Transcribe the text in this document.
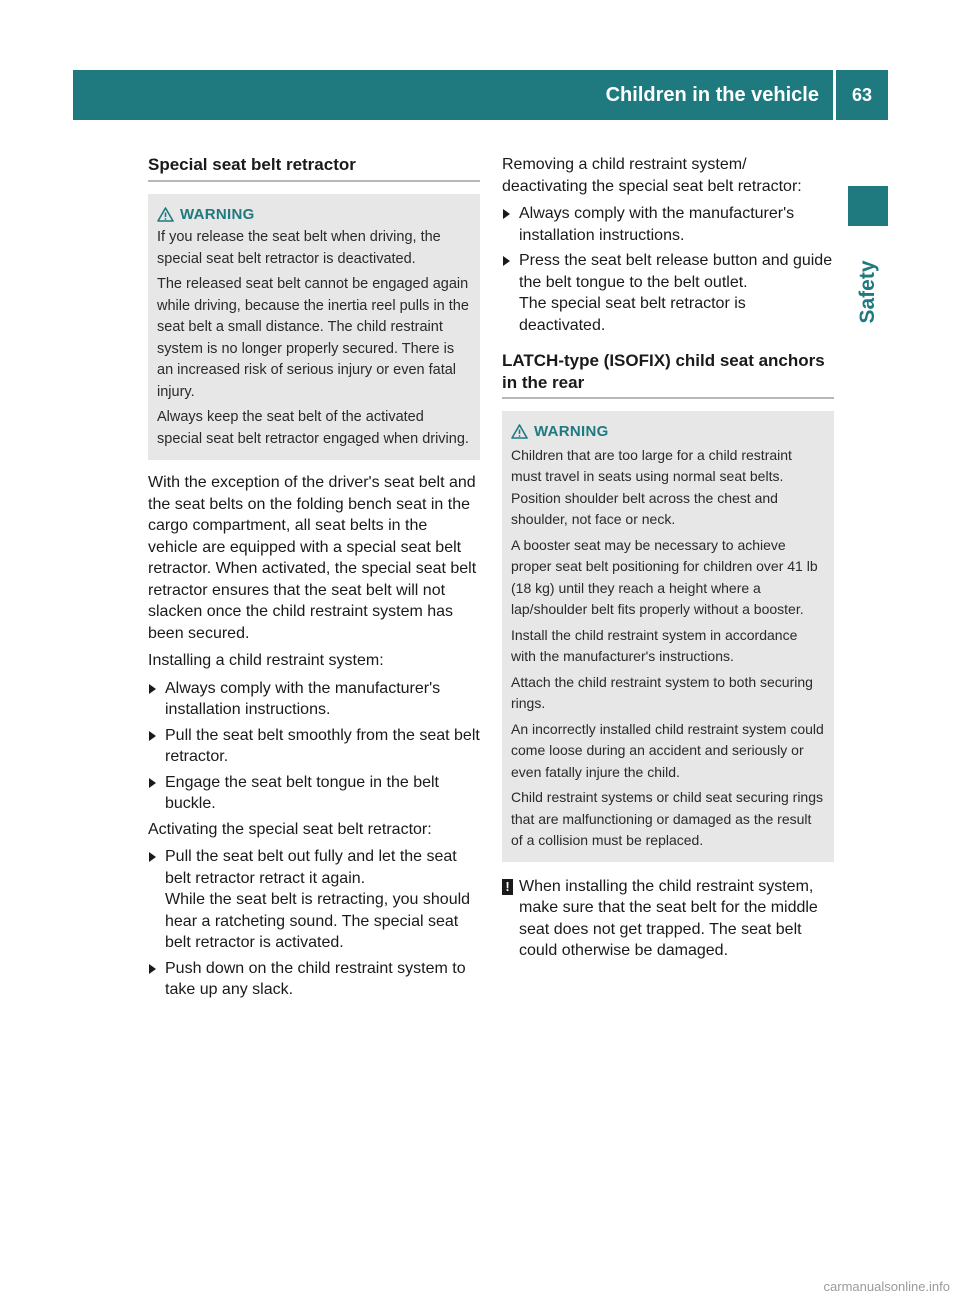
Children in the vehicle	63
Safety
Special seat belt retractor
WARNING

If you release the seat belt when driving, the special seat belt retractor is deactivated.

The released seat belt cannot be engaged again while driving, because the inertia reel pulls in the seat belt a small distance. The child restraint system is no longer properly secured. There is an increased risk of serious injury or even fatal injury.

Always keep the seat belt of the activated special seat belt retractor engaged when driving.

With the exception of the driver's seat belt and the seat belts on the folding bench seat in the cargo compartment, all seat belts in the vehicle are equipped with a special seat belt retractor. When activated, the special seat belt retractor ensures that the seat belt will not slacken once the child restraint system has been secured.

Installing a child restraint system:

Always comply with the manufacturer's installation instructions.
Pull the seat belt smoothly from the seat belt retractor.
Engage the seat belt tongue in the belt buckle.

Activating the special seat belt retractor:

Pull the seat belt out fully and let the seat belt retractor retract it again.
While the seat belt is retracting, you should hear a ratcheting sound. The special seat belt retractor is activated.
Push down on the child restraint system to take up any slack.

Removing a child restraint system/ deactivating the special seat belt retractor:

Always comply with the manufacturer's installation instructions.
Press the seat belt release button and guide the belt tongue to the belt outlet.
The special seat belt retractor is deactivated.
LATCH-type (ISOFIX) child seat anchors in the rear
WARNING

Children that are too large for a child restraint must travel in seats using normal seat belts. Position shoulder belt across the chest and shoulder, not face or neck.

A booster seat may be necessary to achieve proper seat belt positioning for children over 41 lb (18 kg) until they reach a height where a lap/shoulder belt fits properly without a booster.

Install the child restraint system in accordance with the manufacturer's instructions.

Attach the child restraint system to both securing rings.

An incorrectly installed child restraint system could come loose during an accident and seriously or even fatally injure the child.

Child restraint systems or child seat securing rings that are malfunctioning or damaged as the result of a collision must be replaced.

! When installing the child restraint system, make sure that the seat belt for the middle seat does not get trapped. The seat belt could otherwise be damaged.
carmanualsonline.info
